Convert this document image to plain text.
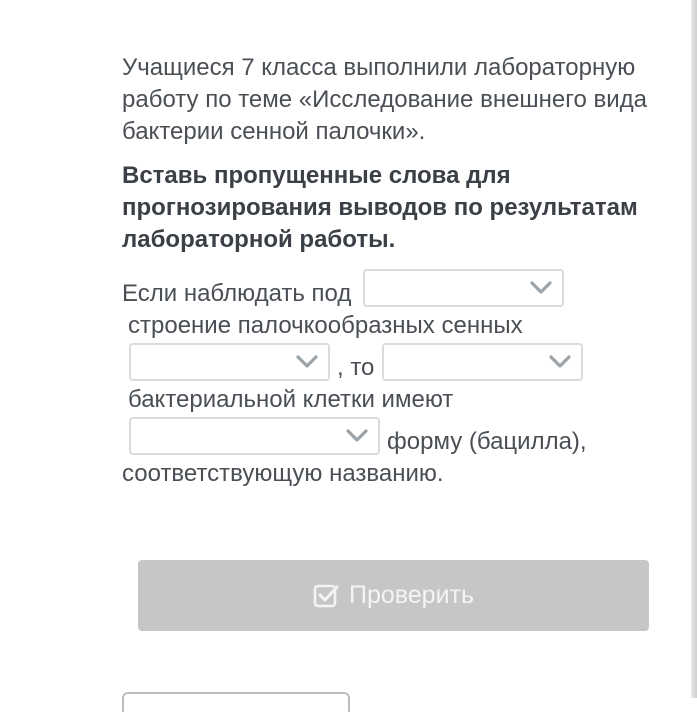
Учащиеся 7 класса выполнили лабораторную работу по теме «Исследование внешнего вида бактерии сенной палочки».

Вставь пропущенные слова для прогнозирования выводов по результатам лабораторной работы.

Если наблюдать под
строение палочкообразных сенных
, то
бактериальной клетки имеют
форму (бацилла),
соответствующую названию.
Проверить
